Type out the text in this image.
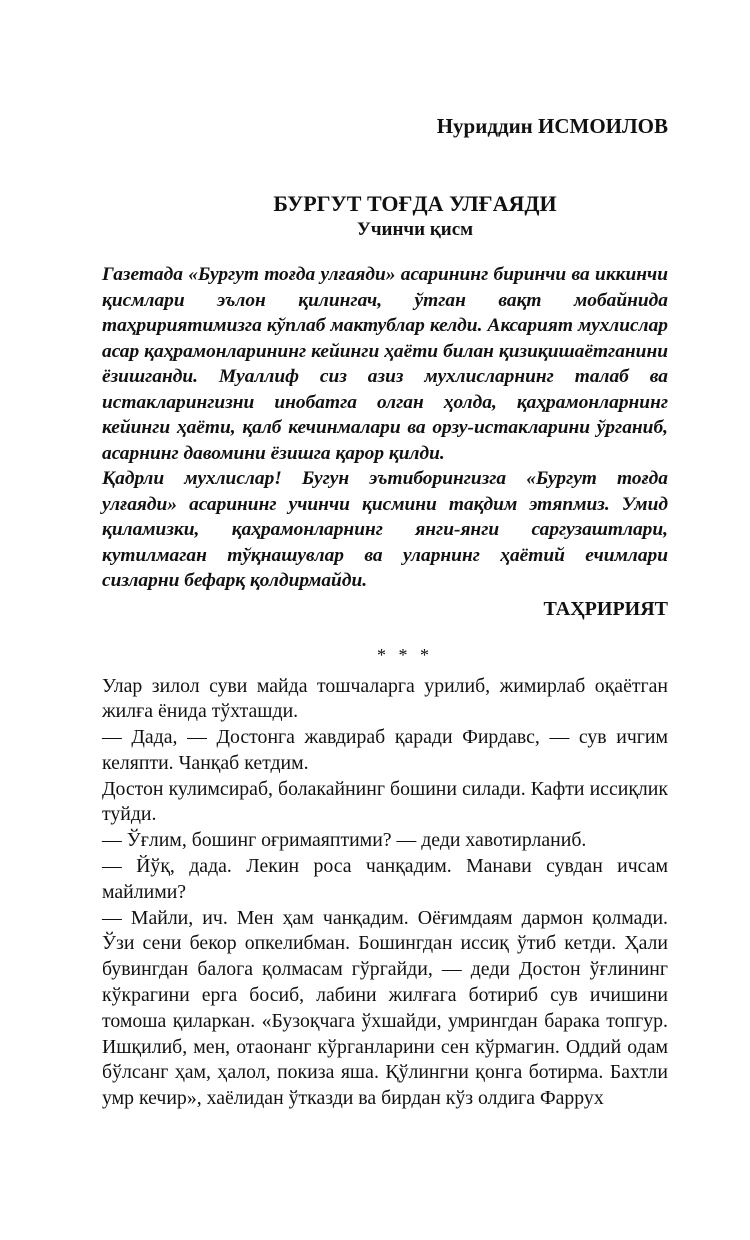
Нуриддин ИСМОИЛОВ
БУРГУТ ТОҒДА УЛҒАЯДИ
Учинчи қисм

Газетада «Бургут тоғда улғаяди» асарининг биринчи ва иккинчи қисмлари эълон қилингач, ўтган вақт мобайнида таҳририятимизга кўплаб мактублар келди. Аксарият мухлислар асар қаҳрамонларининг кейинги ҳаёти билан қизиқишаётганини ёзишганди. Муаллиф сиз азиз мухлисларнинг талаб ва истакларингизни инобатга олган ҳолда, қаҳрамонларнинг кейинги ҳаёти, қалб кечинмалари ва орзу-истакларини ўрганиб, асарнинг давомини ёзишга қарор қилди.

Қадрли мухлислар! Бугун эътиборингизга «Бургут тоғда улғаяди» асарининг учинчи қисмини тақдим этяпмиз. Умид қиламизки, қаҳрамонларнинг янги-янги саргузаштлари, кутилмаган тўқнашувлар ва уларнинг ҳаётий ечимлари сизларни бефарқ қолдирмайди.

ТАҲРИРИЯТ
* * *

Улар зилол суви майда тошчаларга урилиб, жимирлаб оқаётган жилға ёнида тўхташди.

— Дада, — Достонга жавдираб қаради Фирдавс, — сув ичгим келяпти. Чанқаб кетдим.

Достон кулимсираб, болакайнинг бошини силади. Кафти иссиқлик туйди.

— Ўғлим, бошинг оғримаяптими? — деди хавотирланиб.

— Йўқ, дада. Лекин роса чанқадим. Манави сувдан ичсам майлими?

— Майли, ич. Мен ҳам чанқадим. Оёғимдаям дармон қолмади. Ўзи сени бекор опкелибман. Бошингдан иссиқ ўтиб кетди. Ҳали бувингдан балога қолмасам гўргайди, — деди Достон ўғлининг кўкрагини ерга босиб, лабини жилғага ботириб сув ичишини томоша қиларкан. «Бузоқчага ўхшайди, умрингдан барака топгур. Ишқилиб, мен, отаонанг кўрганларини сен кўрмагин. Оддий одам бўлсанг ҳам, ҳалол, покиза яша. Қўлингни қонга ботирма. Бахтли умр кечир», хаёлидан ўтказди ва бирдан кўз олдига Фаррух
